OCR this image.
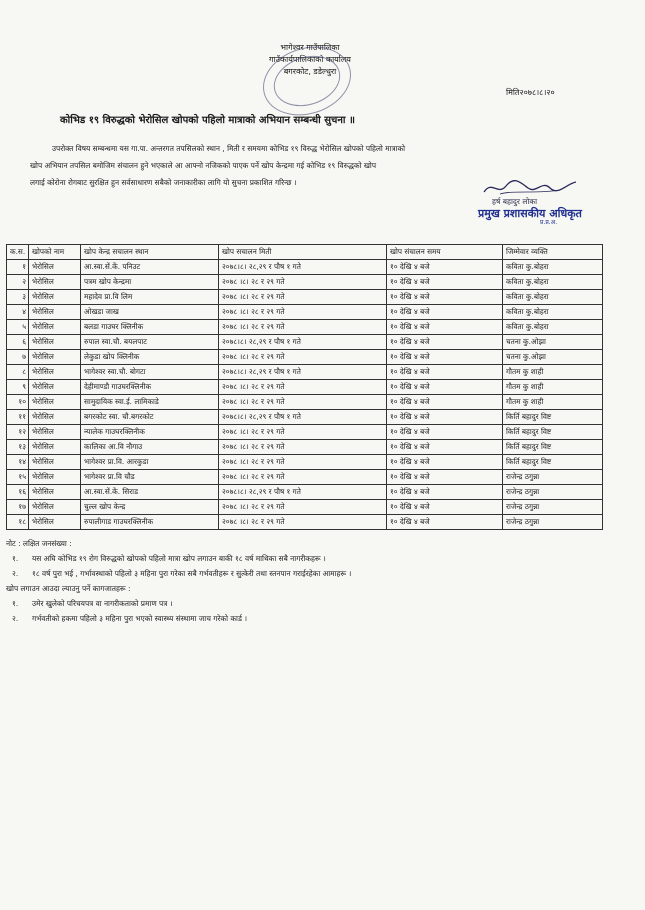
भागेश्वर गाउँपालिका
गाउँकार्यपालिकाको कार्यालय
बगरकोट, डडेल्धुरा
मिति२०७८।८।२०
कोभिड १९ विरुद्धको भेरोसिल खोपको पहिलो मात्राको अभियान सम्बन्धी सुचना ॥
उपरोक्त विषय सम्बन्धमा यस गा.पा. अन्तरगत तपसिलको स्थान , मिती र समयमा कोभिड १९ विरुद्ध भेरोसिल खोपको पहिलो मात्राको
खोप अभियान तपसिल बमोजिम संचालन हुने भएकाले आ आफ्नो नजिकको पाएक पर्ने खोप केन्द्रमा गई कोभिड १९ विरुद्धको खोप
लगाई कोरोना रोगबाट सुरक्षित हुन सर्वसाधारण सबैको जनाकारीका लागि यो सुचना प्रकाशित गरिन्छ ।
हर्ष बहादुर लोका
प्रमुख प्रशासकीय अधिकृत
प्र.प्र.अ.
क.स.	खोपको नाम	खोप केन्द्र सचालन स्थान	खोप सचालन मिती	खोप संचालन समय	जिम्मेवार व्यक्ति
१	भेरोसिल	आ.स्वा.सें.कें. पनिउट	२०७८।८। २८,२९ र पौष १ गते	१० देखि ४ बजे	कविता कु.बोहरा
२	भेरोसिल	पत्रम खोप केन्द्रमा	२०७८ ।८। २८ र २९ गते	१० देखि ४ बजे	कविता कु.बोहरा
३	भेरोसिल	महादेव प्रा.वि लिम	२०७८ ।८। २८ र २९ गते	१० देखि ४ बजे	कविता कु.बोहरा
४	भेरोसिल	ओखडा जाख	२०७८ ।८। २८ र २९ गते	१० देखि ४ बजे	कविता कु.बोहरा
५	भेरोसिल	बलडा गाउघर क्लिनीक	२०७८ ।८। २८ र २९ गते	१० देखि ४ बजे	कविता कु.बोहरा
६	भेरोसिल	रुपाल स्वा.चौ. बयलपाट	२०७८।८। २८,२९ र पौष १ गते	१० देखि ४ बजे	चतना कु.ओझा
७	भेरोसिल	लेकुडा खोप क्लिनीक	२०७८ ।८। २८ र २९ गते	१० देखि ४ बजे	चतना कु.ओझा
८	भेरोसिल	भागेश्वर स्वा.चौ. बोगटा	२०७८।८। २८,२९ र पौष १ गते	१० देखि ४ बजे	गौतम कु शाही
९	भेरोसिल	देहीमाण्डौ गाउघरक्लिनीक	२०७८ ।८। २८ र २९ गते	१० देखि ४ बजे	गौतम कु शाही
१०	भेरोसिल	सामुदायिक स्वा.ई. लामिकाडे	२०७८ ।८। २८ र २९ गते	१० देखि ४ बजे	गौतम कु शाही
११	भेरोसिल	बगरकोट स्वा. चौ.बगरकोट	२०७८।८। २८,२९ र पौष १ गते	१० देखि ४ बजे	किर्ति बहादुर विष्ट
१२	भेरोसिल	न्यालेक गाउघरक्लिनीक	२०७८ ।८। २८ र २९ गते	१० देखि ४ बजे	किर्ति बहादुर विष्ट
१३	भेरोसिल	कालिका आ.वि नौगाउ	२०७८ ।८। २८ र २९ गते	१० देखि ४ बजे	किर्ति बहादुर विष्ट
१४	भेरोसिल	भागेश्वर प्रा.वि. आरकुडा	२०७८ ।८। २८ र २९ गते	१० देखि ४ बजे	किर्ति बहादुर विष्ट
१५	भेरोसिल	भागेश्वर प्रा.वि चौड	२०७८ ।८। २८ र २९ गते	१० देखि ४ बजे	राजेन्द्र ठगुन्ना
१६	भेरोसिल	आ.स्वा.सें.कें. सिराड	२०७८।८। २८,२९ र पौष १ गते	१० देखि ४ बजे	राजेन्द्र ठगुन्ना
१७	भेरोसिल	चुल्ल खोप केन्द्र	२०७८ ।८। २८ र २९ गते	१० देखि ४ बजे	राजेन्द्र ठगुन्ना
१८	भेरोसिल	रुपालीगाड गाउघरक्लिनीक	२०७८ ।८। २८ र २९ गते	१० देखि ४ बजे	राजेन्द्र ठगुन्ना
नोट : लक्षित जनसंख्या :
१. यस अघि कोभिड १९ रोग विरुद्धको खोपको पहिलो मात्रा खोप लगाउन बाकी १८ वर्ष माथिका सबै नागरीकहरू ।
२. १८ वर्ष पुरा भई , गर्भावस्थाको पहिलो ३ महिना पुरा गरेका सबै गर्भवतीहरू र सुत्केरी तथा स्तनपान गराईरहेका आमाहरू ।
खोप लगाउन आउदा ल्याउनु पर्ने कागजातहरू :
१. उमेर खुलेको परिचयपत्र वा नागरीकताको प्रमाण पत्र ।
२. गर्भवतीको हकमा पहिलो ३ महिना पुरा भएको स्वास्थ्य संस्थामा जाच गरेको कार्ड ।
